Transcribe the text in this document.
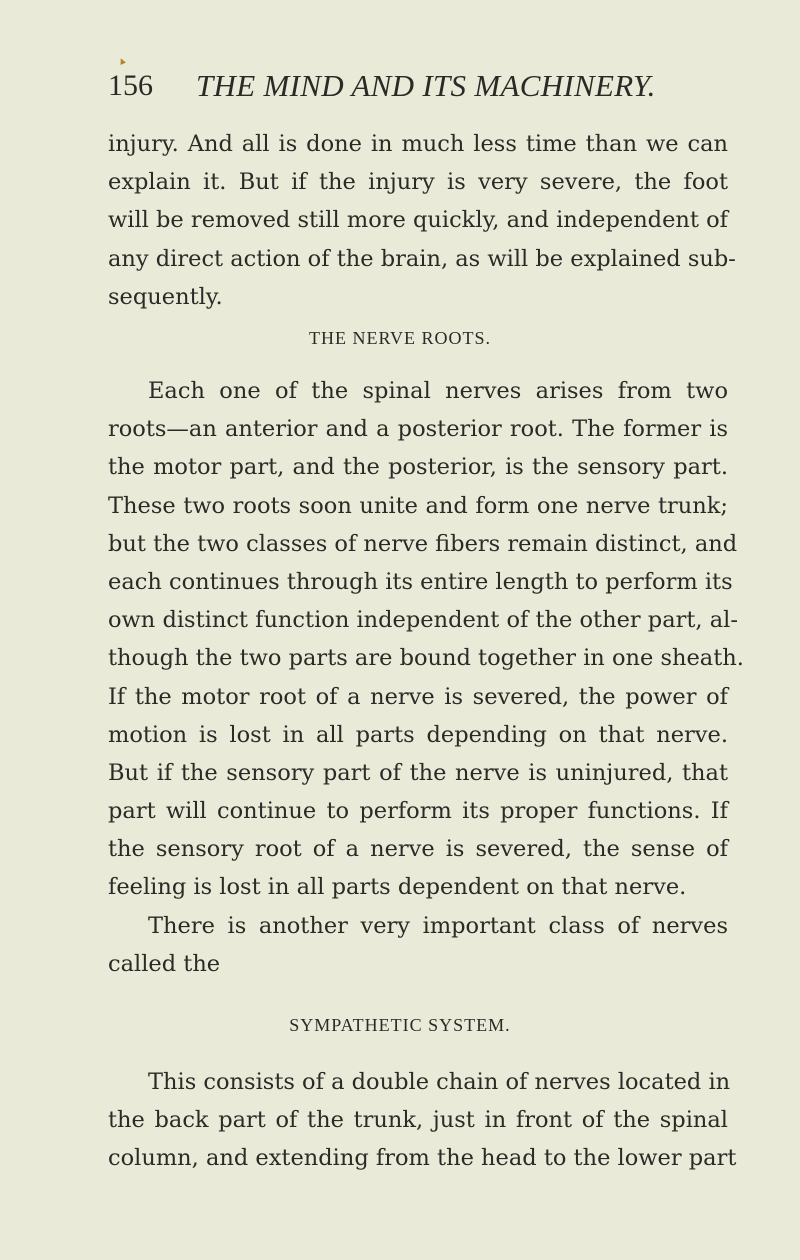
156 THE MIND AND ITS MACHINERY.
injury. And all is done in much less time than we can
explain it. But if the injury is very severe, the foot
will be removed still more quickly, and independent of
any direct action of the brain, as will be explained sub-
sequently.
THE NERVE ROOTS.
Each one of the spinal nerves arises from two
roots—an anterior and a posterior root. The former is
the motor part, and the posterior, is the sensory part.
These two roots soon unite and form one nerve trunk;
but the two classes of nerve fibers remain distinct, and
each continues through its entire length to perform its
own distinct function independent of the other part, al-
though the two parts are bound together in one sheath.
If the motor root of a nerve is severed, the power of
motion is lost in all parts depending on that nerve.
But if the sensory part of the nerve is uninjured, that
part will continue to perform its proper functions. If
the sensory root of a nerve is severed, the sense of
feeling is lost in all parts dependent on that nerve.
There is another very important class of nerves
called the
SYMPATHETIC SYSTEM.
This consists of a double chain of nerves located in
the back part of the trunk, just in front of the spinal
column, and extending from the head to the lower part
